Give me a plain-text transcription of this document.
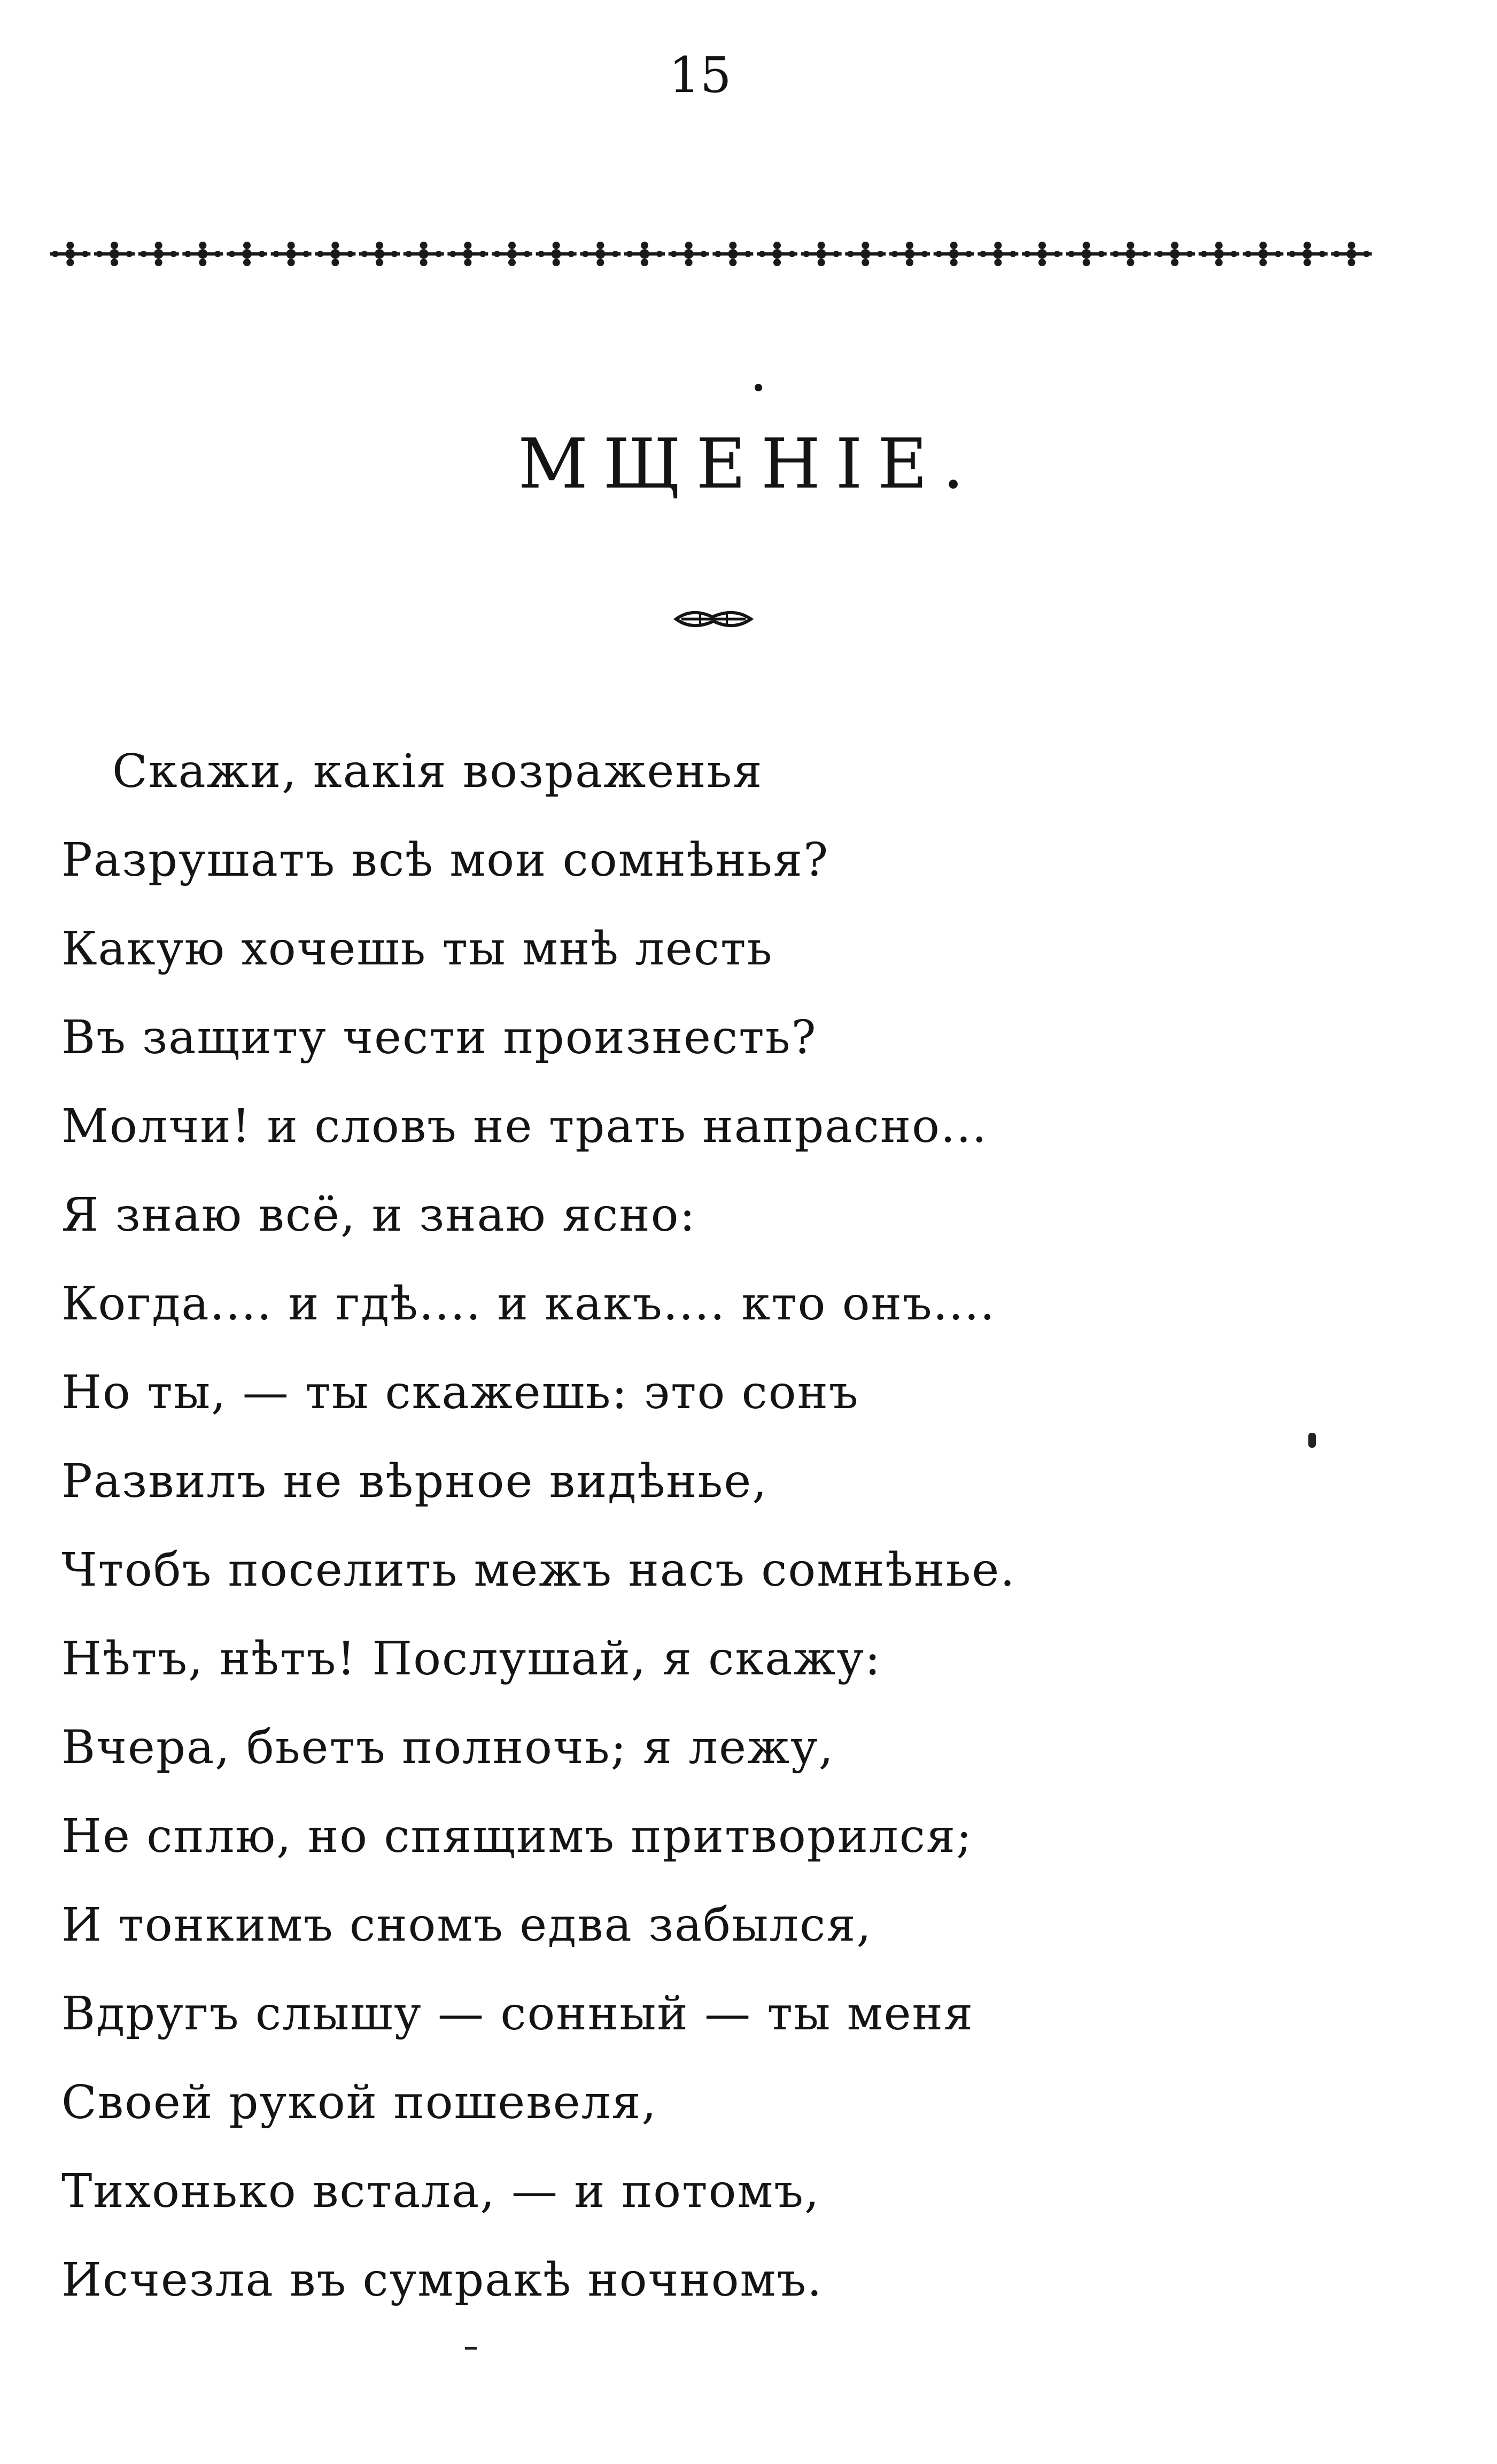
15
МЩЕНІЕ.
Скажи, какія возраженья
Разрушатъ всѣ мои сомнѣнья?
Какую хочешь ты мнѣ лесть
Въ защиту чести произнесть?
Молчи! и словъ не трать напрасно...
Я знаю всё, и знаю ясно:
Когда.... и гдѣ.... и какъ.... кто онъ....
Но ты, — ты скажешь: это сонъ
Развилъ не вѣрное видѣнье,
Чтобъ поселить межъ насъ сомнѣнье.
Нѣтъ, нѣтъ! Послушай, я скажу:
Вчера, бьетъ полночь; я лежу,
Не сплю, но спящимъ притворился;
И тонкимъ сномъ едва забылся,
Вдругъ слышу — сонный — ты меня
Своей рукой пошевеля,
Тихонько встала, — и потомъ,
Исчезла въ сумракѣ ночномъ.
